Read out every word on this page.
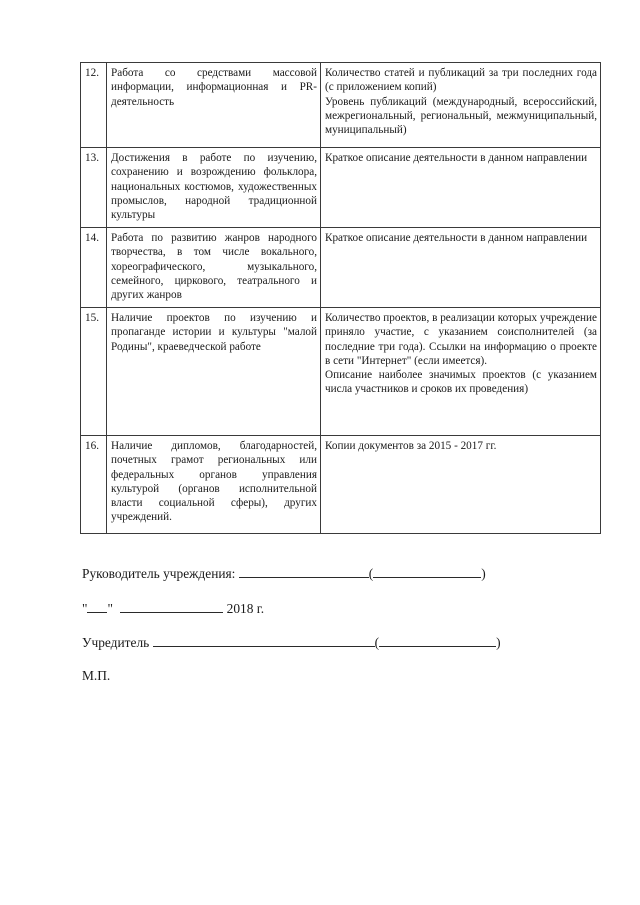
12.	Работа со средствами массовой информации, информационная и PR-деятельность	Количество статей и публикаций за три последних года (с приложением копий)
Уровень публикаций (международный, всероссийский, межрегиональный, региональный, межмуниципальный, муниципальный)

13.	Достижения в работе по изучению, сохранению и возрождению фольклора, национальных костюмов, художественных промыслов, народной традиционной культуры	Краткое описание деятельности в данном направлении

14.	Работа по развитию жанров народного творчества, в том числе вокального, хореографического, музыкального, семейного, циркового, театрального и других жанров	Краткое описание деятельности в данном направлении

15.	Наличие проектов по изучению и пропаганде истории и культуры "малой Родины", краеведческой работе	Количество проектов, в реализации которых учреждение приняло участие, с указанием соисполнителей (за последние три года). Ссылки на информацию о проекте в сети "Интернет" (если имеется).
Описание наиболее значимых проектов (с указанием числа участников и сроков их проведения)

16.	Наличие дипломов, благодарностей, почетных грамот региональных или федеральных органов управления культурой (органов исполнительной власти социальной сферы), других учреждений.	Копии документов за 2015 - 2017 гг.
Руководитель учреждения:	(	)
" "	2018 г.
Учредитель	(	)
М.П.
